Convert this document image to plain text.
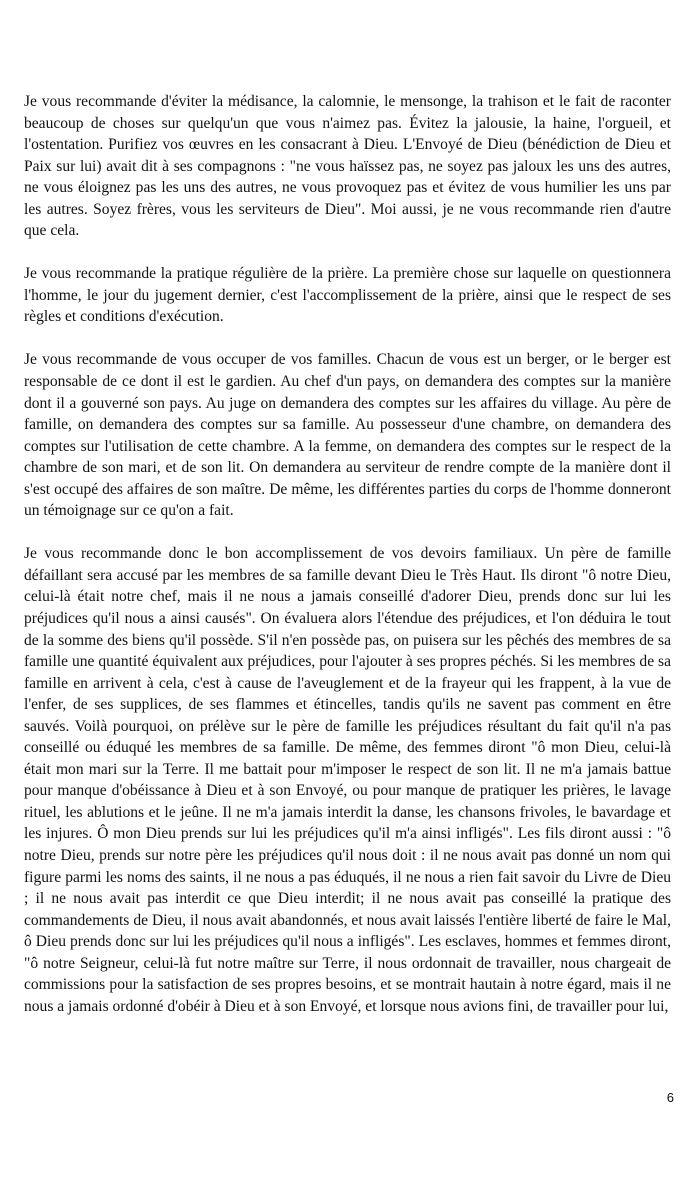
Je vous recommande d'éviter la médisance, la calomnie, le mensonge, la trahison et le fait de raconter beaucoup de choses sur quelqu'un que vous n'aimez pas. Évitez la jalousie, la haine, l'orgueil, et l'ostentation. Purifiez vos œuvres en les consacrant à Dieu. L'Envoyé de Dieu (bénédiction de Dieu et Paix sur lui) avait dit à ses compagnons : "ne vous haïssez pas, ne soyez pas jaloux les uns des autres, ne vous éloignez pas les uns des autres, ne vous provoquez pas et évitez de vous humilier les uns par les autres. Soyez frères, vous les serviteurs de Dieu". Moi aussi, je ne vous recommande rien d'autre que cela.

Je vous recommande la pratique régulière de la prière. La première chose sur laquelle on questionnera l'homme, le jour du jugement dernier, c'est l'accomplissement de la prière, ainsi que le respect de ses règles et conditions d'exécution.

Je vous recommande de vous occuper de vos familles. Chacun de vous est un berger, or le berger est responsable de ce dont il est le gardien. Au chef d'un pays, on demandera des comptes sur la manière dont il a gouverné son pays. Au juge on demandera des comptes sur les affaires du village. Au père de famille, on demandera des comptes sur sa famille. Au possesseur d'une chambre, on demandera des comptes sur l'utilisation de cette chambre. A la femme, on demandera des comptes sur le respect de la chambre de son mari, et de son lit. On demandera au serviteur de rendre compte de la manière dont il s'est occupé des affaires de son maître. De même, les différentes parties du corps de l'homme donneront un témoignage sur ce qu'on a fait.

Je vous recommande donc le bon accomplissement de vos devoirs familiaux. Un père de famille défaillant sera accusé par les membres de sa famille devant Dieu le Très Haut. Ils diront "ô notre Dieu, celui-là était notre chef, mais il ne nous a jamais conseillé d'adorer Dieu, prends donc sur lui les préjudices qu'il nous a ainsi causés". On évaluera alors l'étendue des préjudices, et l'on déduira le tout de la somme des biens qu'il possède. S'il n'en possède pas, on puisera sur les pêchés des membres de sa famille une quantité équivalent aux préjudices, pour l'ajouter à ses propres péchés. Si les membres de sa famille en arrivent à cela, c'est à cause de l'aveuglement et de la frayeur qui les frappent, à la vue de l'enfer, de ses supplices, de ses flammes et étincelles, tandis qu'ils ne savent pas comment en être sauvés. Voilà pourquoi, on prélève sur le père de famille les préjudices résultant du fait qu'il n'a pas conseillé ou éduqué les membres de sa famille. De même, des femmes diront "ô mon Dieu, celui-là était mon mari sur la Terre. Il me battait pour m'imposer le respect de son lit. Il ne m'a jamais battue pour manque d'obéissance à Dieu et à son Envoyé, ou pour manque de pratiquer les prières, le lavage rituel, les ablutions et le jeûne. Il ne m'a jamais interdit la danse, les chansons frivoles, le bavardage et les injures. Ô mon Dieu prends sur lui les préjudices qu'il m'a ainsi infligés". Les fils diront aussi : "ô notre Dieu, prends sur notre père les préjudices qu'il nous doit : il ne nous avait pas donné un nom qui figure parmi les noms des saints, il ne nous a pas éduqués, il ne nous a rien fait savoir du Livre de Dieu ; il ne nous avait pas interdit ce que Dieu interdit; il ne nous avait pas conseillé la pratique des commandements de Dieu, il nous avait abandonnés, et nous avait laissés l'entière liberté de faire le Mal, ô Dieu prends donc sur lui les préjudices qu'il nous a infligés". Les esclaves, hommes et femmes diront, "ô notre Seigneur, celui-là fut notre maître sur Terre, il nous ordonnait de travailler, nous chargeait de commissions pour la satisfaction de ses propres besoins, et se montrait hautain à notre égard, mais il ne nous a jamais ordonné d'obéir à Dieu et à son Envoyé, et lorsque nous avions fini, de travailler pour lui,

6
